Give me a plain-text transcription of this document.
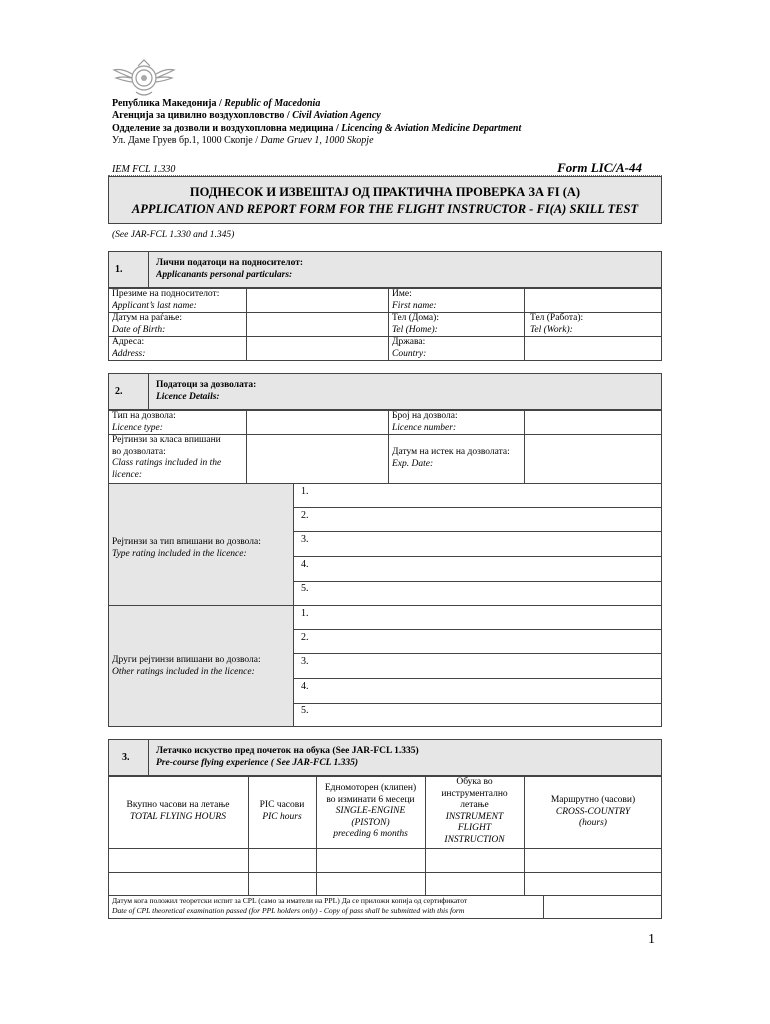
Република Македонија / Republic of Macedonia
Агенција за цивилно воздухопловство / Civil Aviation Agency
Одделение за дозволи и воздухопловна медицина / Licencing & Aviation Medicine Department
Ул. Даме Груев бр.1, 1000 Скопје / Dame Gruev 1, 1000 Skopje
IEM FCL 1.330	Form LIC/A-44
ПОДНЕСОК И ИЗВЕШТАЈ ОД ПРАКТИЧНА ПРОВЕРКА ЗА FI (A)
APPLICATION AND REPORT FORM FOR THE FLIGHT INSTRUCTOR - FI(A) SKILL TEST
(See JAR-FCL 1.330 and 1.345)
1.
Лични податоци на подносителот:
Applicanants personal particulars:
Презиме на подносителот:
Applicant’s last name:
Име:
First name:
Датум на раѓање:
Date of Birth:
Тел (Дома):
Tel (Home):
Тел (Работа):
Tel (Work):
Адреса:
Address:
Држава:
Country:
2.
Податоци за дозволата:
Licence Details:
Тип на дозвола:
Licence type:
Број на дозвола:
Licence number:
Рејтинзи за класа впишани
во дозволата:
Class ratings included in the
licence:
Датум на истек на дозволата:
Exp. Date:
Рејтинзи за тип впишани во дозвола:
Type rating included in the licence:
1.
2.
3.
4.
5.
Други рејтинзи впишани во дозвола:
Other ratings included in the licence:
1.
2.
3.
4.
5.
3.
Летачко искуство пред почеток на обука (See JAR-FCL 1.335)
Pre-course flying experience ( See JAR-FCL 1.335)
Вкупно часови на летање
TOTAL FLYING HOURS
PIC часови
PIC hours
Едномоторен (клипен)
во изминати 6 месеци
SINGLE-ENGINE
(PISTON)
preceding 6 months
Обука во
инструментално
летање
INSTRUMENT
FLIGHT
INSTRUCTION
Маршрутно (часови)
CROSS-COUNTRY
(hours)
Датум кога положил теоретски испит за CPL (само за иматели на PPL) Да се приложи копија од сертификатот
Date of CPL theoretical examination passed (for PPL holders only) - Copy of pass shall be submitted with this form
1
